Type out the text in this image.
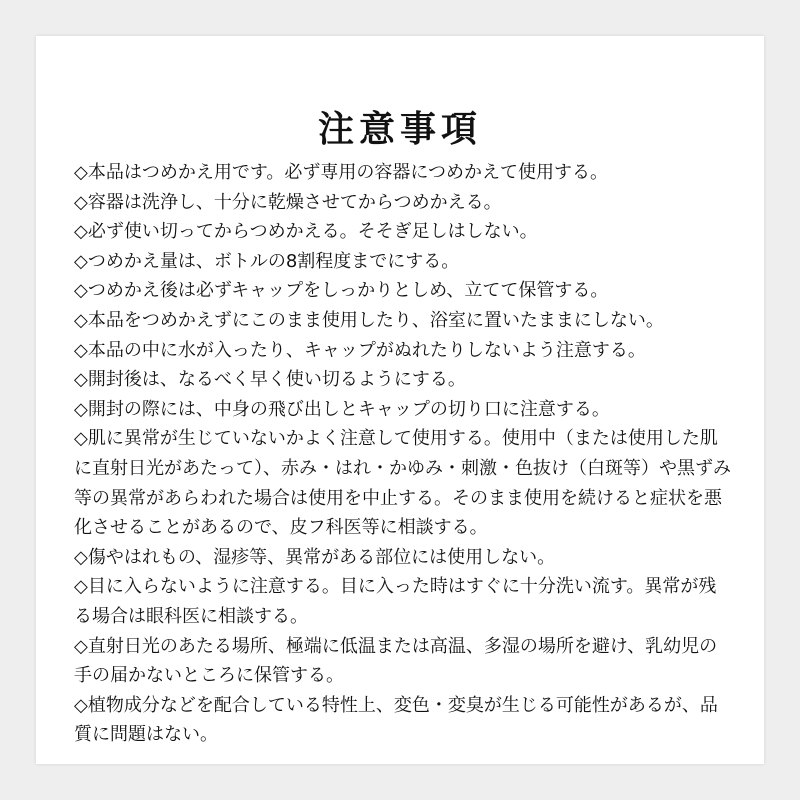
注意事項

◇本品はつめかえ用です。必ず専用の容器につめかえて使用する。

◇容器は洗浄し、十分に乾燥させてからつめかえる。

◇必ず使い切ってからつめかえる。そそぎ足しはしない。

◇つめかえ量は、ボトルの8割程度までにする。

◇つめかえ後は必ずキャップをしっかりとしめ、立てて保管する。

◇本品をつめかえずにこのまま使用したり、浴室に置いたままにしない。

◇本品の中に水が入ったり、キャップがぬれたりしないよう注意する。

◇開封後は、なるべく早く使い切るようにする。

◇開封の際には、中身の飛び出しとキャップの切り口に注意する。

◇肌に異常が生じていないかよく注意して使用する。使用中（または使用した肌に直射日光があたって）、赤み・はれ・かゆみ・刺激・色抜け（白斑等）や黒ずみ等の異常があらわれた場合は使用を中止する。そのまま使用を続けると症状を悪化させることがあるので、皮フ科医等に相談する。

◇傷やはれもの、湿疹等、異常がある部位には使用しない。

◇目に入らないように注意する。目に入った時はすぐに十分洗い流す。異常が残る場合は眼科医に相談する。

◇直射日光のあたる場所、極端に低温または高温、多湿の場所を避け、乳幼児の手の届かないところに保管する。

◇植物成分などを配合している特性上、変色・変臭が生じる可能性があるが、品質に問題はない。
